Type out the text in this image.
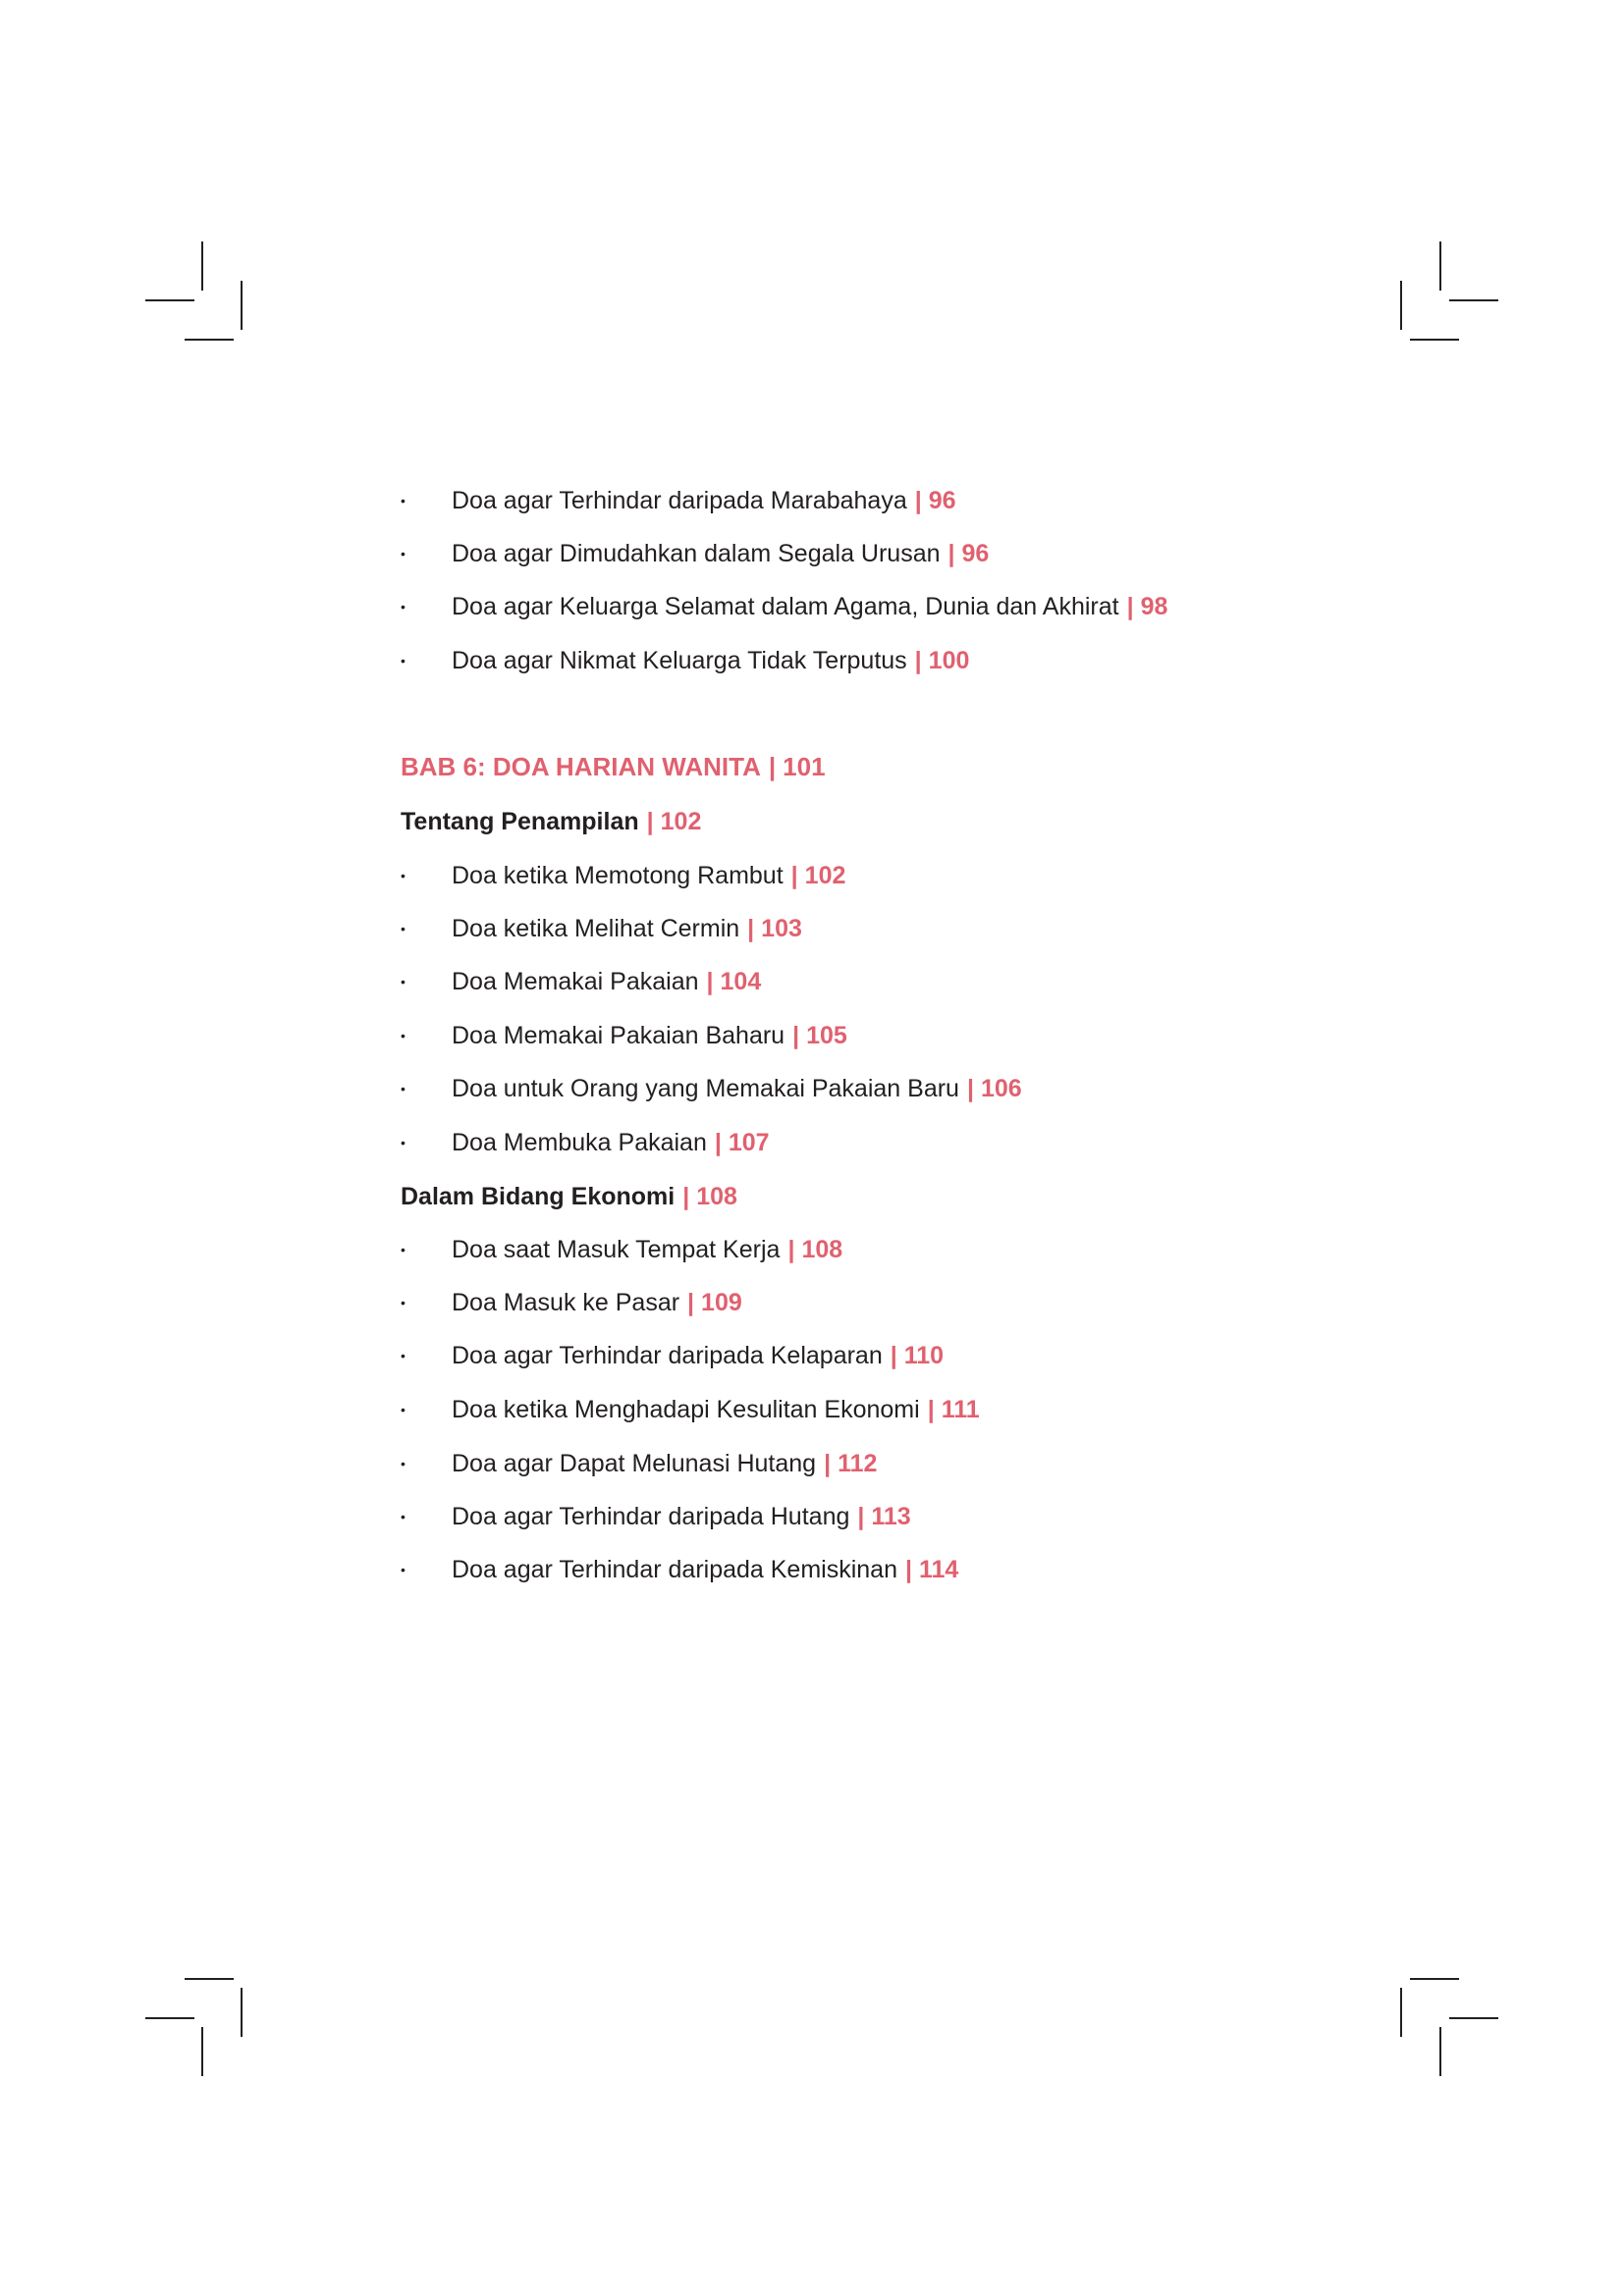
•	Doa agar Terhindar daripada Marabahaya | 96
•	Doa agar Dimudahkan dalam Segala Urusan | 96
•	Doa agar Keluarga Selamat dalam Agama, Dunia dan Akhirat | 98
•	Doa agar Nikmat Keluarga Tidak Terputus | 100
BAB 6: DOA HARIAN WANITA | 101
Tentang Penampilan | 102
•	Doa ketika Memotong Rambut | 102
•	Doa ketika Melihat Cermin | 103
•	Doa Memakai Pakaian | 104
•	Doa Memakai Pakaian Baharu | 105
•	Doa untuk Orang yang Memakai Pakaian Baru | 106
•	Doa Membuka Pakaian | 107
Dalam Bidang Ekonomi | 108
•	Doa saat Masuk Tempat Kerja | 108
•	Doa Masuk ke Pasar | 109
•	Doa agar Terhindar daripada Kelaparan | 110
•	Doa ketika Menghadapi Kesulitan Ekonomi | 111
•	Doa agar Dapat Melunasi Hutang | 112
•	Doa agar Terhindar daripada Hutang | 113
•	Doa agar Terhindar daripada Kemiskinan | 114
